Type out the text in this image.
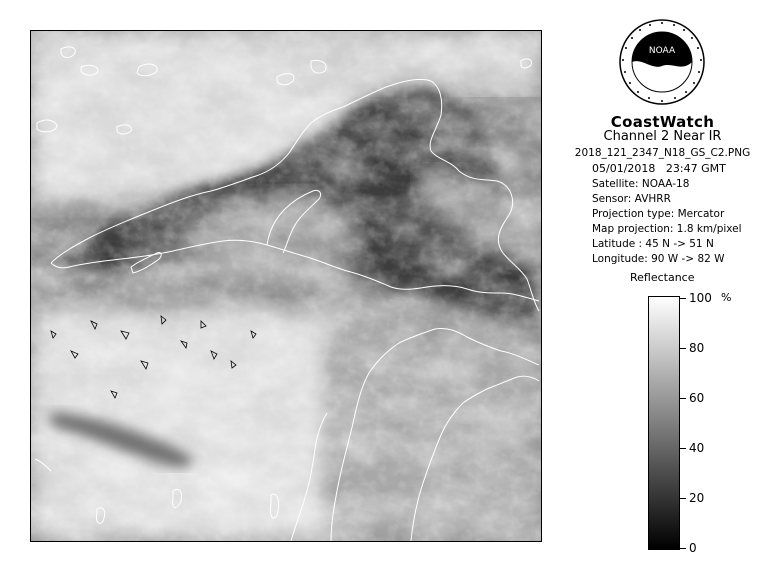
NOAA
CoastWatch
Channel 2 Near IR
2018_121_2347_N18_GS_C2.PNG
05/01/2018   23:47 GMT
Satellite: NOAA-18
Sensor: AVHRR
Projection type: Mercator
Map projection: 1.8 km/pixel
Latitude : 45 N -> 51 N
Longitude: 90 W -> 82 W
Reflectance
%
100
80
60
40
20
0
